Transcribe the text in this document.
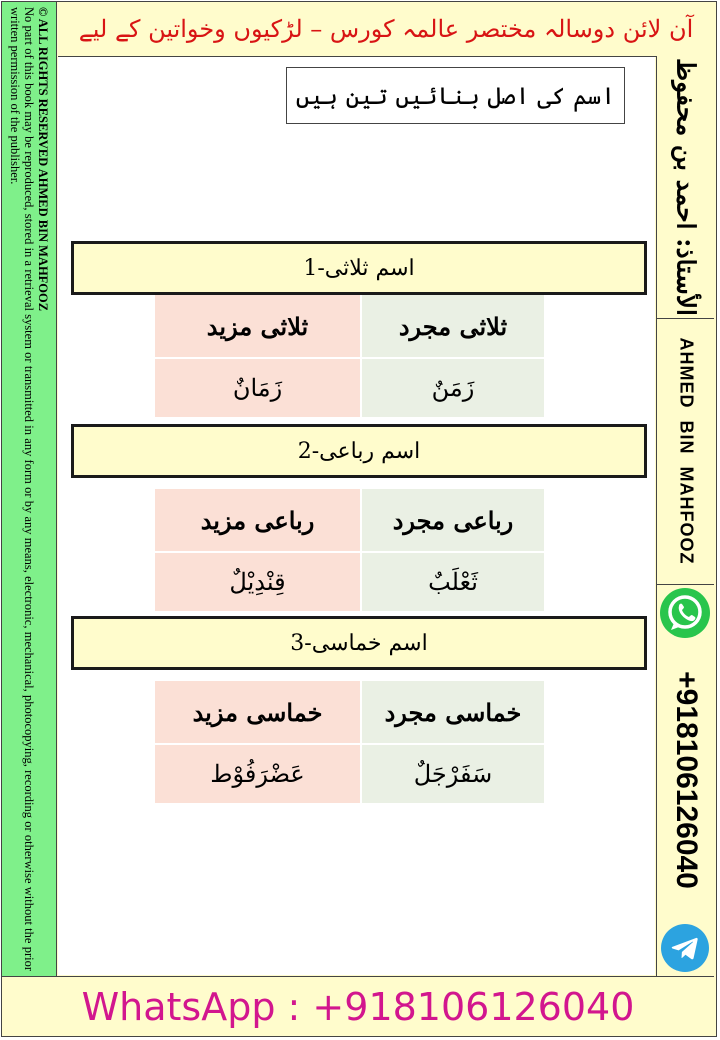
آن لائن دوسالہ مختصر عالمہ کورس – لڑکیوں وخواتین کے لیے
© ALL RIGHTS RESERVED AHMED BIN MAHFOOZ
No part of this book may be reproduced, stored in a retrieval system or transmitted in any form or by any means, electronic, mechanical, photocopying, recording or otherwise without the prior written permission of the publisher.	الأستاذ: احمد بن محفوظ
AHMED BIN MAHFOOZ
+918106126040
اسم کی اصل بنائیں تین ہیں
اسم ثلاثی-1
ثلاثی مجرد
ثلاثی مزید
زَمَنٌ
زَمَانٌ
اسم رباعی-2
رباعی مجرد
رباعی مزید
ثَعْلَبٌ
قِنْدِيْلٌ
اسم خماسی-3
خماسی مجرد
خماسی مزید
سَفَرْجَلٌ
عَضْرَفُوْط
WhatsApp : +918106126040
